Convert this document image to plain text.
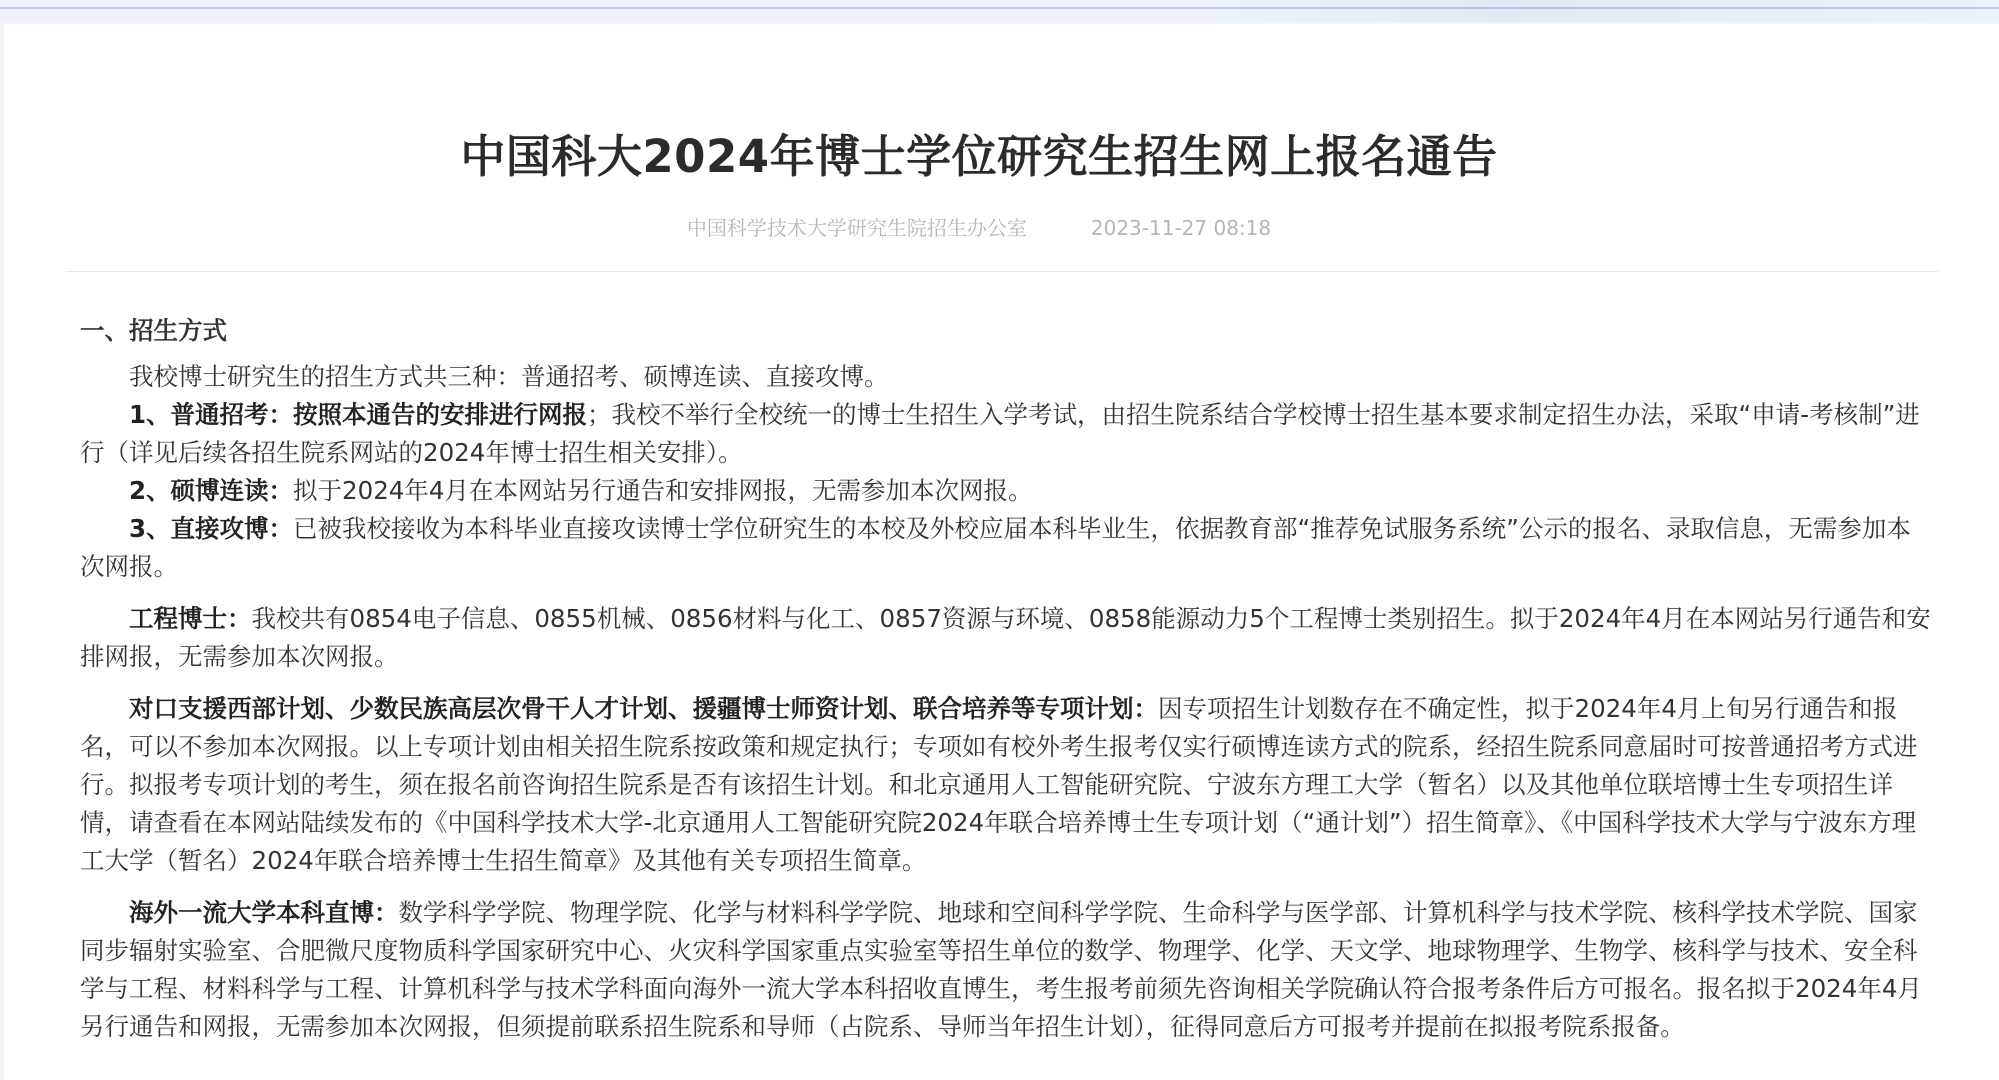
中国科大2024年博士学位研究生招生网上报名通告
中国科学技术大学研究生院招生办公室	2023-11-27 08:18

一、招生方式

我校博士研究生的招生方式共三种：普通招考、硕博连读、直接攻博。

1、普通招考：按照本通告的安排进行网报；我校不举行全校统一的博士生招生入学考试，由招生院系结合学校博士招生基本要求制定招生办法，采取“申请-考核制”进行（详见后续各招生院系网站的2024年博士招生相关安排）。

2、硕博连读：拟于2024年4月在本网站另行通告和安排网报，无需参加本次网报。

3、直接攻博：已被我校接收为本科毕业直接攻读博士学位研究生的本校及外校应届本科毕业生，依据教育部“推荐免试服务系统”公示的报名、录取信息，无需参加本次网报。

工程博士：我校共有0854电子信息、0855机械、0856材料与化工、0857资源与环境、0858能源动力5个工程博士类别招生。拟于2024年4月在本网站另行通告和安排网报，无需参加本次网报。

对口支援西部计划、少数民族高层次骨干人才计划、援疆博士师资计划、联合培养等专项计划：因专项招生计划数存在不确定性，拟于2024年4月上旬另行通告和报名，可以不参加本次网报。以上专项计划由相关招生院系按政策和规定执行；专项如有校外考生报考仅实行硕博连读方式的院系，经招生院系同意届时可按普通招考方式进行。拟报考专项计划的考生，须在报名前咨询招生院系是否有该招生计划。和北京通用人工智能研究院、宁波东方理工大学（暂名）以及其他单位联培博士生专项招生详情，请查看在本网站陆续发布的《中国科学技术大学-北京通用人工智能研究院2024年联合培养博士生专项计划（“通计划”）招生简章》、《中国科学技术大学与宁波东方理工大学（暂名）2024年联合培养博士生招生简章》及其他有关专项招生简章。

海外一流大学本科直博：数学科学学院、物理学院、化学与材料科学学院、地球和空间科学学院、生命科学与医学部、计算机科学与技术学院、核科学技术学院、国家同步辐射实验室、合肥微尺度物质科学国家研究中心、火灾科学国家重点实验室等招生单位的数学、物理学、化学、天文学、地球物理学、生物学、核科学与技术、安全科学与工程、材料科学与工程、计算机科学与技术学科面向海外一流大学本科招收直博生，考生报考前须先咨询相关学院确认符合报考条件后方可报名。报名拟于2024年4月另行通告和网报，无需参加本次网报，但须提前联系招生院系和导师（占院系、导师当年招生计划），征得同意后方可报考并提前在拟报考院系报备。
